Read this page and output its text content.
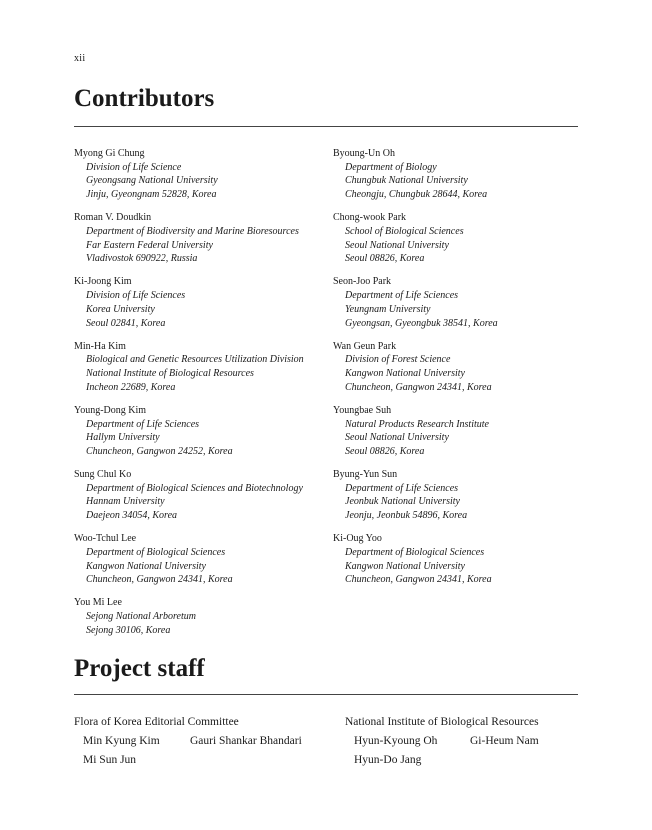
xii
Contributors
Myong Gi Chung
Division of Life Science
Gyeongsang National University
Jinju, Gyeongnam 52828, Korea
Roman V. Doudkin
Department of Biodiversity and Marine Bioresources
Far Eastern Federal University
Vladivostok 690922, Russia
Ki-Joong Kim
Division of Life Sciences
Korea University
Seoul 02841, Korea
Min-Ha Kim
Biological and Genetic Resources Utilization Division
National Institute of Biological Resources
Incheon 22689, Korea
Young-Dong Kim
Department of Life Sciences
Hallym University
Chuncheon, Gangwon 24252, Korea
Sung Chul Ko
Department of Biological Sciences and Biotechnology
Hannam University
Daejeon 34054, Korea
Woo-Tchul Lee
Department of Biological Sciences
Kangwon National University
Chuncheon, Gangwon 24341, Korea
You Mi Lee
Sejong National Arboretum
Sejong 30106, Korea
Byoung-Un Oh
Department of Biology
Chungbuk National University
Cheongju, Chungbuk 28644, Korea
Chong-wook Park
School of Biological Sciences
Seoul National University
Seoul 08826, Korea
Seon-Joo Park
Department of Life Sciences
Yeungnam University
Gyeongsan, Gyeongbuk 38541, Korea
Wan Geun Park
Division of Forest Science
Kangwon National University
Chuncheon, Gangwon 24341, Korea
Youngbae Suh
Natural Products Research Institute
Seoul National University
Seoul 08826, Korea
Byung-Yun Sun
Department of Life Sciences
Jeonbuk National University
Jeonju, Jeonbuk 54896, Korea
Ki-Oug Yoo
Department of Biological Sciences
Kangwon National University
Chuncheon, Gangwon 24341, Korea
Project staff
Flora of Korea Editorial Committee
Min Kyung Kim	Gauri Shankar Bhandari
Mi Sun Jun
National Institute of Biological Resources
Hyun-Kyoung Oh	Gi-Heum Nam
Hyun-Do Jang
